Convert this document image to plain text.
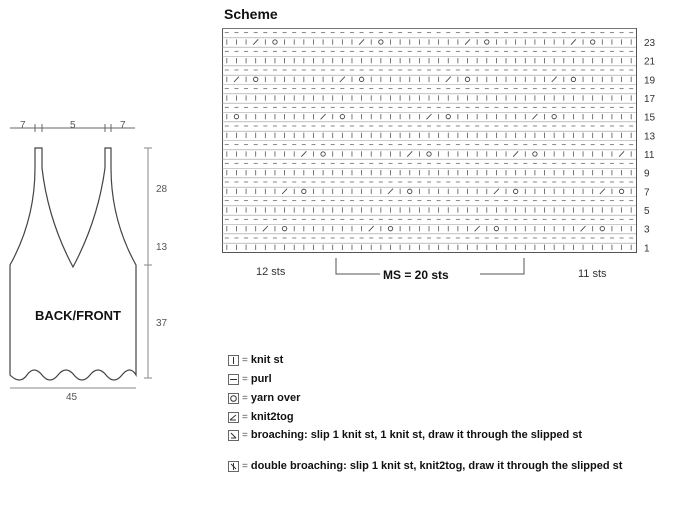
Scheme
23
21
19
17
15
13
11
9
7
5
3
1
12 sts	MS = 20 sts	11 sts
7	5	7
28
13
37
45
BACK/FRONT
= knit st
= purl
= yarn over
= knit2tog
= broaching: slip 1 knit st, 1 knit st, draw it through the slipped st
= double broaching: slip 1 knit st, knit2tog, draw it through the slipped st
